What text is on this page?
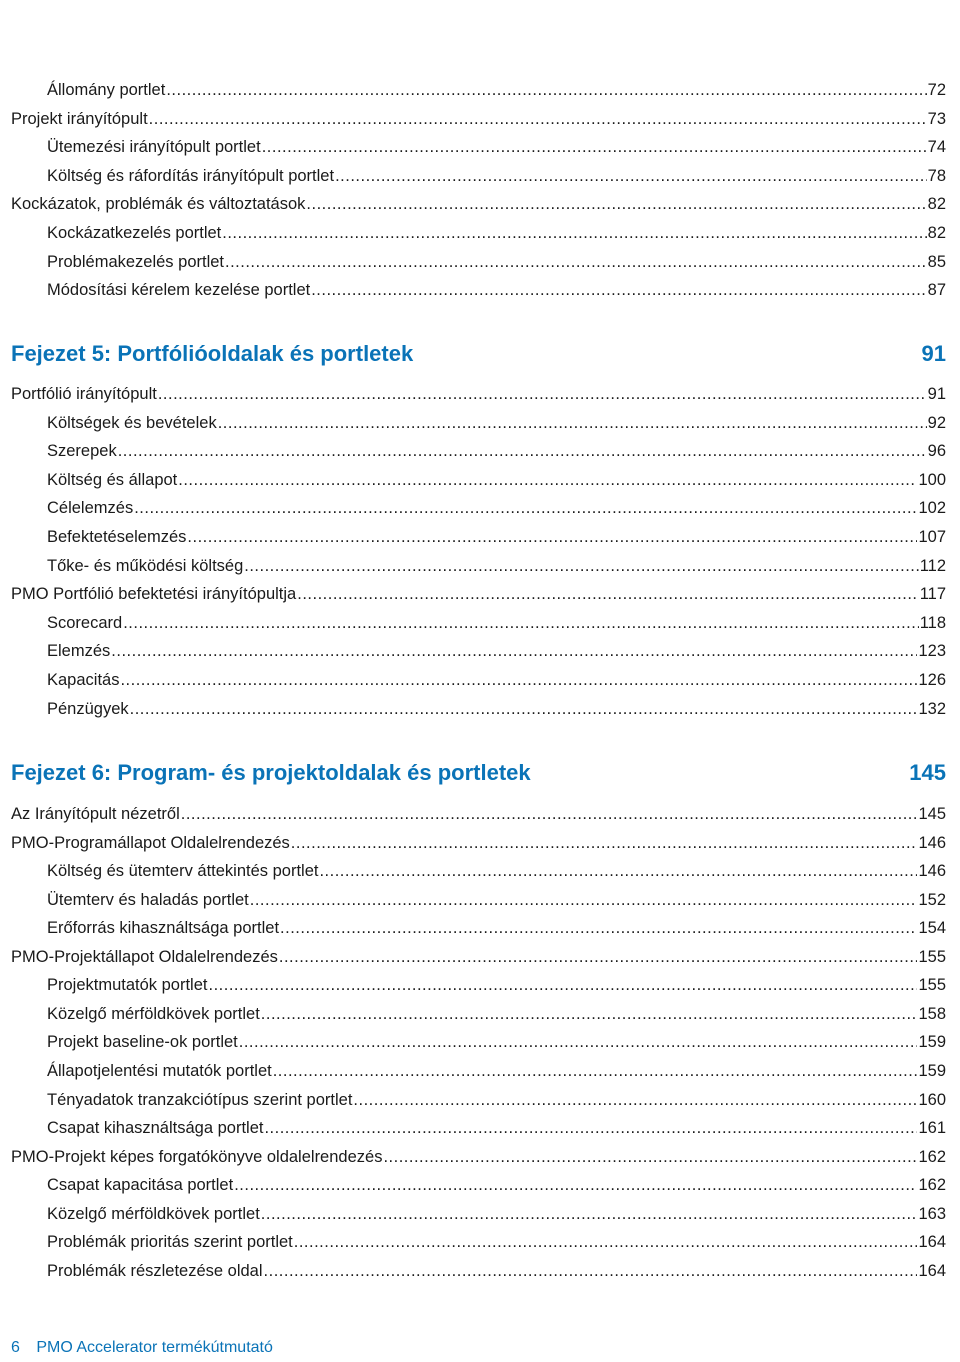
Állomány portlet .....	72
Projekt irányítópult .....	73
Ütemezési irányítópult portlet .....	74
Költség és ráfordítás irányítópult portlet .....	78
Kockázatok, problémák és változtatások .....	82
Kockázatkezelés portlet .....	82
Problémakezelés portlet .....	85
Módosítási kérelem kezelése portlet .....	87
Fejezet 5: Portfólióoldalak és portletek	91
Portfólió irányítópult .....	91
Költségek és bevételek .....	92
Szerepek .....	96
Költség és állapot .....	100
Célelemzés .....	102
Befektetéselemzés .....	107
Tőke- és működési költség .....	112
PMO Portfólió befektetési irányítópultja .....	117
Scorecard .....	118
Elemzés .....	123
Kapacitás .....	126
Pénzügyek .....	132
Fejezet 6: Program- és projektoldalak és portletek	145
Az Irányítópult nézetről .....	145
PMO-Programállapot Oldalelrendezés .....	146
Költség és ütemterv áttekintés portlet .....	146
Ütemterv és haladás portlet .....	152
Erőforrás kihasználtsága portlet .....	154
PMO-Projektállapot Oldalelrendezés .....	155
Projektmutatók portlet .....	155
Közelgő mérföldkövek portlet .....	158
Projekt baseline-ok portlet .....	159
Állapotjelentési mutatók portlet .....	159
Tényadatok tranzakciótípus szerint portlet .....	160
Csapat kihasználtsága portlet .....	161
PMO-Projekt képes forgatókönyve oldalelrendezés .....	162
Csapat kapacitása portlet .....	162
Közelgő mérföldkövek portlet .....	163
Problémák prioritás szerint portlet .....	164
Problémák részletezése oldal .....	164
6 PMO Accelerator termékútmutató
